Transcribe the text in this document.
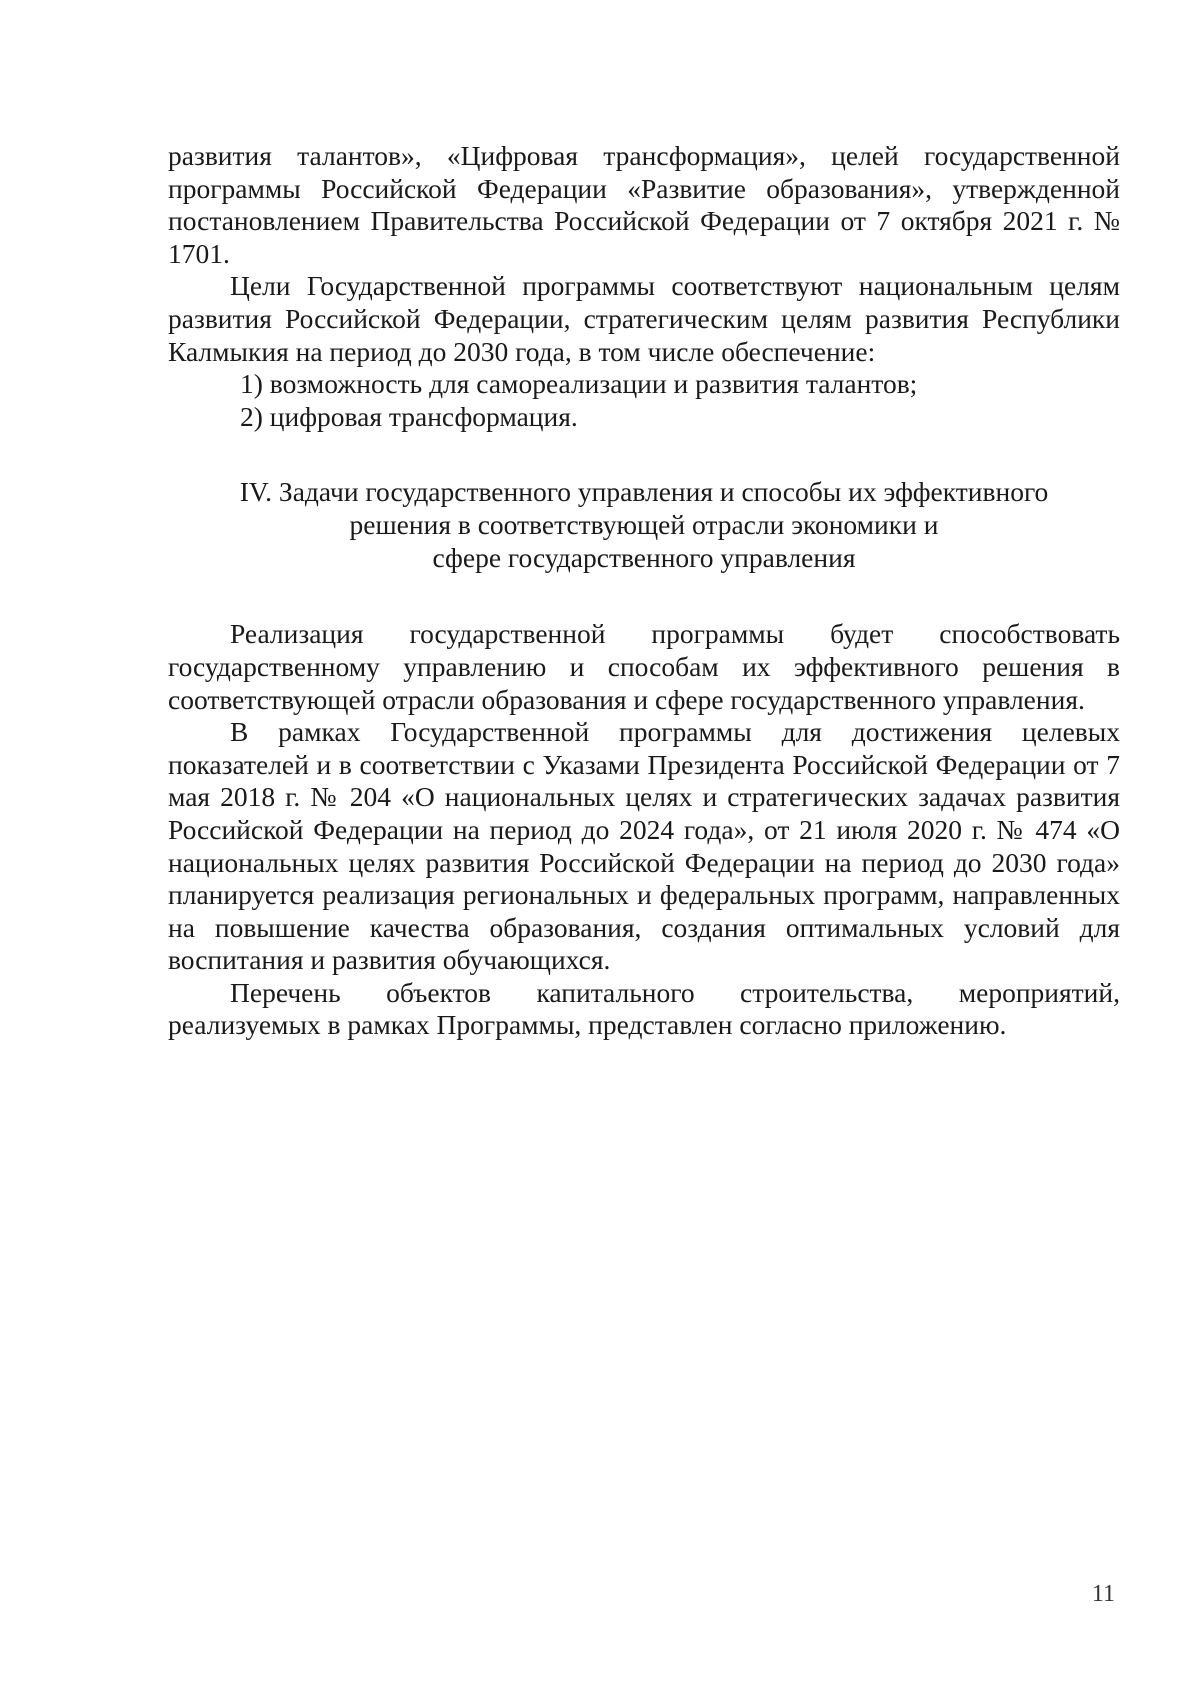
развития талантов», «Цифровая трансформация», целей государственной программы Российской Федерации «Развитие образования», утвержденной постановлением Правительства Российской Федерации от 7 октября 2021 г. № 1701.

Цели Государственной программы соответствуют национальным целям развития Российской Федерации, стратегическим целям развития Республики Калмыкия на период до 2030 года, в том числе обеспечение:

1) возможность для самореализации и развития талантов;

2) цифровая трансформация.

IV. Задачи государственного управления и способы их эффективного
решения в соответствующей отрасли экономики и
сфере государственного управления

Реализация государственной программы будет способствовать государственному управлению и способам их эффективного решения в соответствующей отрасли образования и сфере государственного управления.

В рамках Государственной программы для достижения целевых показателей и в соответствии с Указами Президента Российской Федерации от 7 мая 2018 г. № 204 «О национальных целях и стратегических задачах развития Российской Федерации на период до 2024 года», от 21 июля 2020 г. № 474 «О национальных целях развития Российской Федерации на период до 2030 года» планируется реализация региональных и федеральных программ, направленных на повышение качества образования, создания оптимальных условий для воспитания и развития обучающихся.

Перечень объектов капитального строительства, мероприятий, реализуемых в рамках Программы, представлен согласно приложению.

11
